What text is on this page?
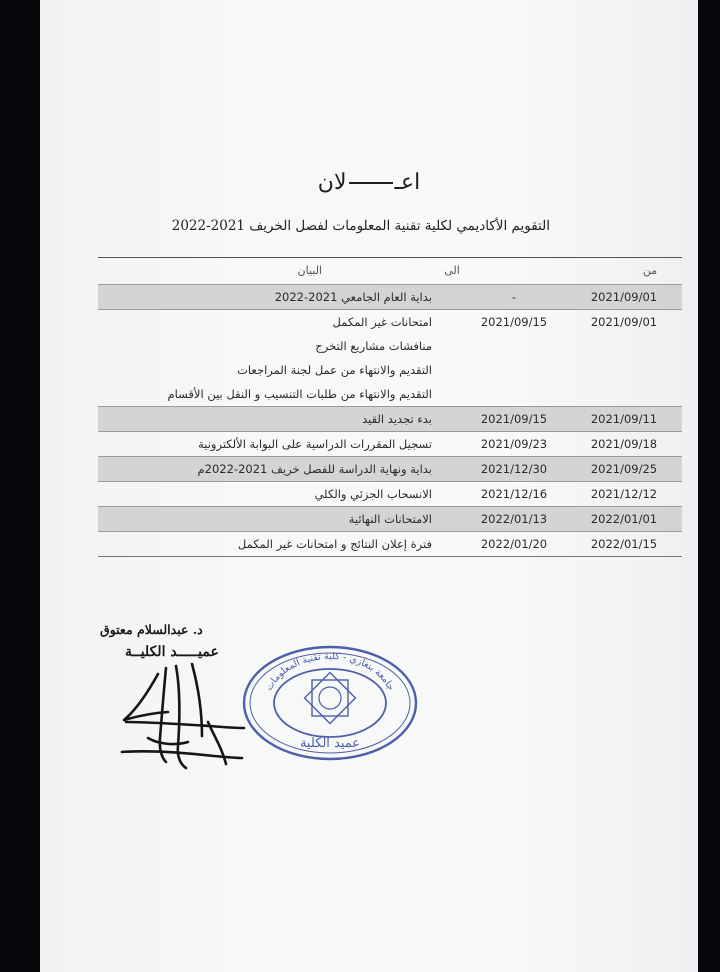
لان اعـ
التقويم الأكاديمي لكلية تقنية المعلومات لفصل الخريف 2021-2022
من
الى
البيان
2021/09/01
-
بداية العام الجامعي 2021-2022
2021/09/01
2021/09/15
امتحانات غير المكمل
منافشات مشاريع التخرج
التقديم والانتهاء من عمل لجنة المراجعات
التقديم والانتهاء من طلبات التنسيب و النقل بين الأقسام
2021/09/11
2021/09/15
بدء تجديد القيد
2021/09/18
2021/09/23
تسجيل المقررات الدراسية على البوابة الألكترونية
2021/09/25
2021/12/30
بداية ونهاية الدراسة للفصل خريف 2021-2022م
2021/12/12
2021/12/16
الانسحاب الجزئي والكلي
2022/01/01
2022/01/13
الامتحانات النهائية
2022/01/15
2022/01/20
فترة إعلان النتائج و امتحانات غير المكمل
د. عبدالسلام معتوق
عميـــــد الكليــة
جامعة بنغازي - كلية تقنية المعلومات
عميد الكلية
